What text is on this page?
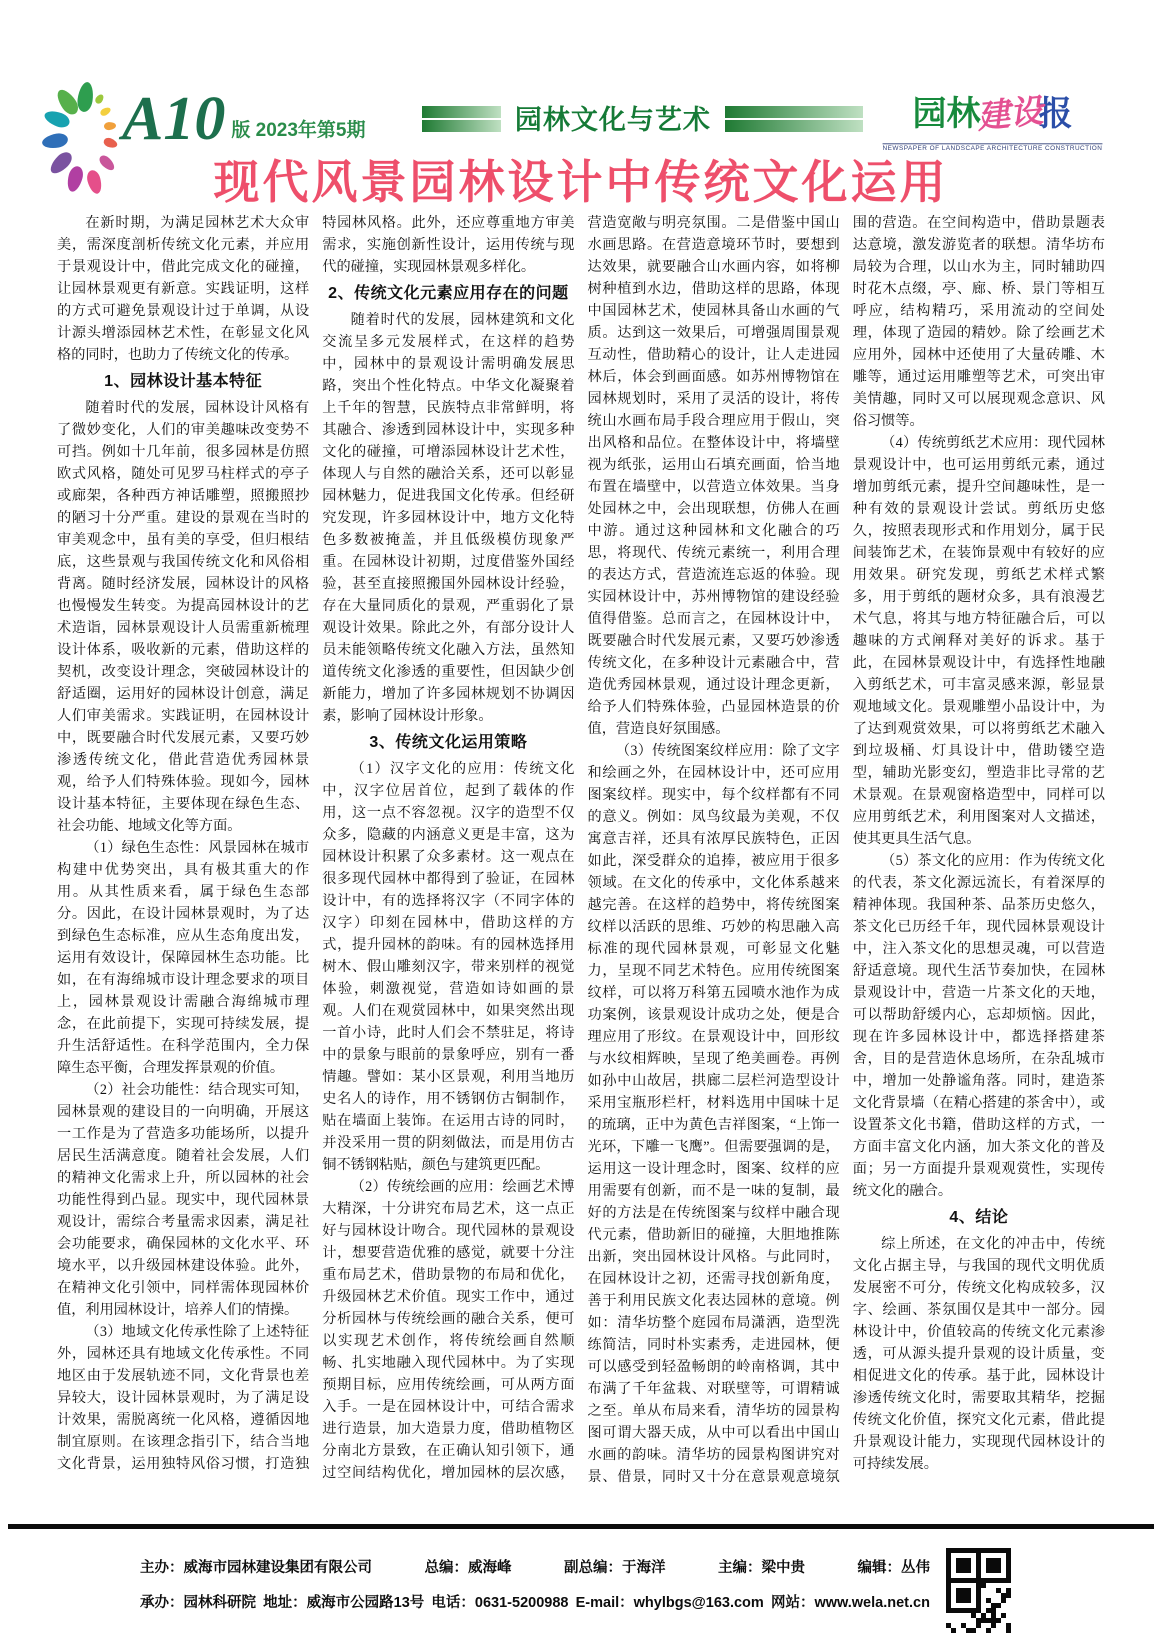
A10 版 2023年第5期	园林文化与艺术	园林建设报
NEWSPAPER OF LANDSCAPE ARCHITECTURE CONSTRUCTION
现代风景园林设计中传统文化运用

在新时期，为满足园林艺术大众审美，需深度剖析传统文化元素，并应用于景观设计中，借此完成文化的碰撞，让园林景观更有新意。实践证明，这样的方式可避免景观设计过于单调，从设计源头增添园林艺术性，在彰显文化风格的同时，也助力了传统文化的传承。

1、园林设计基本特征

随着时代的发展，园林设计风格有了微妙变化，人们的审美趣味改变势不可挡。例如十几年前，很多园林是仿照欧式风格，随处可见罗马柱样式的亭子或廊架，各种西方神话雕塑，照搬照抄的陋习十分严重。建设的景观在当时的审美观念中，虽有美的享受，但归根结底，这些景观与我国传统文化和风俗相背离。随时经济发展，园林设计的风格也慢慢发生转变。为提高园林设计的艺术造诣，园林景观设计人员需重新梳理设计体系，吸收新的元素，借助这样的契机，改变设计理念，突破园林设计的舒适圈，运用好的园林设计创意，满足人们审美需求。实践证明，在园林设计中，既要融合时代发展元素，又要巧妙渗透传统文化，借此营造优秀园林景观，给予人们特殊体验。现如今，园林设计基本特征，主要体现在绿色生态、社会功能、地域文化等方面。

（1）绿色生态性：风景园林在城市构建中优势突出，具有极其重大的作用。从其性质来看，属于绿色生态部分。因此，在设计园林景观时，为了达到绿色生态标准，应从生态角度出发，运用有效设计，保障园林生态功能。比如，在有海绵城市设计理念要求的项目上，园林景观设计需融合海绵城市理念，在此前提下，实现可持续发展，提升生活舒适性。在科学范围内，全力保障生态平衡，合理发挥景观的价值。

（2）社会功能性：结合现实可知，园林景观的建设目的一向明确，开展这一工作是为了营造多功能场所，以提升居民生活满意度。随着社会发展，人们的精神文化需求上升，所以园林的社会功能性得到凸显。现实中，现代园林景观设计，需综合考量需求因素，满足社会功能要求，确保园林的文化水平、环境水平，以升级园林建设体验。此外，在精神文化引领中，同样需体现园林价值，利用园林设计，培养人们的情操。

（3）地域文化传承性除了上述特征外，园林还具有地域文化传承性。不同地区由于发展轨迹不同，文化背景也差异较大，设计园林景观时，为了满足设计效果，需脱离统一化风格，遵循因地制宜原则。在该理念指引下，结合当地文化背景，运用独特风俗习惯，打造独特园林风格。此外，还应尊重地方审美需求，实施创新性设计，运用传统与现代的碰撞，实现园林景观多样化。

2、传统文化元素应用存在的问题

随着时代的发展，园林建筑和文化交流呈多元发展样式，在这样的趋势中，园林中的景观设计需明确发展思路，突出个性化特点。中华文化凝聚着上千年的智慧，民族特点非常鲜明，将其融合、渗透到园林设计中，实现多种文化的碰撞，可增添园林设计艺术性，体现人与自然的融洽关系，还可以彰显园林魅力，促进我国文化传承。但经研究发现，许多园林设计中，地方文化特色多数被掩盖，并且低级模仿现象严重。在园林设计初期，过度借鉴外国经验，甚至直接照搬国外园林设计经验，存在大量同质化的景观，严重弱化了景观设计效果。除此之外，有部分设计人员未能领略传统文化融入方法，虽然知道传统文化渗透的重要性，但因缺少创新能力，增加了许多园林规划不协调因素，影响了园林设计形象。

3、传统文化运用策略

（1）汉字文化的应用：传统文化中，汉字位居首位，起到了载体的作用，这一点不容忽视。汉字的造型不仅众多，隐藏的内涵意义更是丰富，这为园林设计积累了众多素材。这一观点在很多现代园林中都得到了验证，在园林设计中，有的选择将汉字（不同字体的汉字）印刻在园林中，借助这样的方式，提升园林的韵味。有的园林选择用树木、假山雕刻汉字，带来别样的视觉体验，刺激视觉，营造如诗如画的景观。人们在观赏园林中，如果突然出现一首小诗，此时人们会不禁驻足，将诗中的景象与眼前的景象呼应，别有一番情趣。譬如：某小区景观，利用当地历史名人的诗作，用不锈钢仿古铜制作，贴在墙面上装饰。在运用古诗的同时，并没采用一贯的阴刻做法，而是用仿古铜不锈钢粘贴，颜色与建筑更匹配。

（2）传统绘画的应用：绘画艺术博大精深，十分讲究布局艺术，这一点正好与园林设计吻合。现代园林的景观设计，想要营造优雅的感觉，就要十分注重布局艺术，借助景物的布局和优化，升级园林艺术价值。现实工作中，通过分析园林与传统绘画的融合关系，便可以实现艺术创作，将传统绘画自然顺畅、扎实地融入现代园林中。为了实现预期目标，应用传统绘画，可从两方面入手。一是在园林设计中，可结合需求进行造景，加大造景力度，借助植物区分南北方景致，在正确认知引领下，通过空间结构优化，增加园林的层次感，营造宽敞与明亮氛围。二是借鉴中国山水画思路。在营造意境环节时，要想到达效果，就要融合山水画内容，如将柳树种植到水边，借助这样的思路，体现中国园林艺术，使园林具备山水画的气质。达到这一效果后，可增强周围景观互动性，借助精心的设计，让人走进园林后，体会到画面感。如苏州博物馆在园林规划时，采用了灵活的设计，将传统山水画布局手段合理应用于假山，突出风格和品位。在整体设计中，将墙壁视为纸张，运用山石填充画面，恰当地布置在墙壁中，以营造立体效果。当身处园林之中，会出现联想，仿佛人在画中游。通过这种园林和文化融合的巧思，将现代、传统元素统一，利用合理的表达方式，营造流连忘返的体验。现实园林设计中，苏州博物馆的建设经验值得借鉴。总而言之，在园林设计中，既要融合时代发展元素，又要巧妙渗透传统文化，在多种设计元素融合中，营造优秀园林景观，通过设计理念更新，给予人们特殊体验，凸显园林造景的价值，营造良好氛围感。

（3）传统图案纹样应用：除了文字和绘画之外，在园林设计中，还可应用图案纹样。现实中，每个纹样都有不同的意义。例如：凤鸟纹最为美观，不仅寓意吉祥，还具有浓厚民族特色，正因如此，深受群众的追捧，被应用于很多领域。在文化的传承中，文化体系越来越完善。在这样的趋势中，将传统图案纹样以活跃的思维、巧妙的构思融入高标准的现代园林景观，可彰显文化魅力，呈现不同艺术特色。应用传统图案纹样，可以将万科第五园喷水池作为成功案例，该景观设计成功之处，便是合理应用了形纹。在景观设计中，回形纹与水纹相辉映，呈现了绝美画卷。再例如孙中山故居，拱廊二层栏河造型设计采用宝瓶形栏杆，材料选用中国味十足的琉璃，正中为黄色吉祥图案，“上饰一光环，下雕一飞鹰”。但需要强调的是，运用这一设计理念时，图案、纹样的应用需要有创新，而不是一味的复制，最好的方法是在传统图案与纹样中融合现代元素，借助新旧的碰撞，大胆地推陈出新，突出园林设计风格。与此同时，在园林设计之初，还需寻找创新角度，善于利用民族文化表达园林的意境。例如：清华坊整个庭园布局潇洒，造型洗练简洁，同时朴实素秀，走进园林，便可以感受到轻盈畅朗的岭南格调，其中布满了千年盆栽、对联壁等，可谓精诚之至。单从布局来看，清华坊的园景构图可谓大器天成，从中可以看出中国山水画的韵味。清华坊的园景构图讲究对景、借景，同时又十分在意景观意境氛围的营造。在空间构造中，借助景题表达意境，激发游览者的联想。清华坊布局较为合理，以山水为主，同时辅助四时花木点缀，亭、廊、桥、景门等相互呼应，结构精巧，采用流动的空间处理，体现了造园的精妙。除了绘画艺术应用外，园林中还使用了大量砖雕、木雕等，通过运用雕塑等艺术，可突出审美情趣，同时又可以展现观念意识、风俗习惯等。

（4）传统剪纸艺术应用：现代园林景观设计中，也可运用剪纸元素，通过增加剪纸元素，提升空间趣味性，是一种有效的景观设计尝试。剪纸历史悠久，按照表现形式和作用划分，属于民间装饰艺术，在装饰景观中有较好的应用效果。研究发现，剪纸艺术样式繁多，用于剪纸的题材众多，具有浪漫艺术气息，将其与地方特征融合后，可以趣味的方式阐释对美好的诉求。基于此，在园林景观设计中，有选择性地融入剪纸艺术，可丰富灵感来源，彰显景观地域文化。景观雕塑小品设计中，为了达到观赏效果，可以将剪纸艺术融入到垃圾桶、灯具设计中，借助镂空造型，辅助光影变幻，塑造非比寻常的艺术景观。在景观窗格造型中，同样可以应用剪纸艺术，利用图案对人文描述，使其更具生活气息。

（5）茶文化的应用：作为传统文化的代表，茶文化源远流长，有着深厚的精神体现。我国种茶、品茶历史悠久，茶文化已历经千年，现代园林景观设计中，注入茶文化的思想灵魂，可以营造舒适意境。现代生活节奏加快，在园林景观设计中，营造一片茶文化的天地，可以帮助舒缓内心，忘却烦恼。因此，现在许多园林设计中，都选择搭建茶舍，目的是营造休息场所，在杂乱城市中，增加一处静谧角落。同时，建造茶文化背景墙（在精心搭建的茶舍中），或设置茶文化书籍，借助这样的方式，一方面丰富文化内涵，加大茶文化的普及面；另一方面提升景观观赏性，实现传统文化的融合。

4、结论

综上所述，在文化的冲击中，传统文化占据主导，与我国的现代文明优质发展密不可分，传统文化构成较多，汉字、绘画、茶氛围仅是其中一部分。园林设计中，价值较高的传统文化元素渗透，可从源头提升景观的设计质量，变相促进文化的传承。基于此，园林设计渗透传统文化时，需要取其精华，挖掘传统文化价值，探究文化元素，借此提升景观设计能力，实现现代园林设计的可持续发展。

主办：威海市园林建设集团有限公司	总编：威海峰	副总编：于海洋	主编：梁中贵	编辑：丛伟
承办：园林科研院 地址：威海市公园路13号 电话：0631-5200988 E-mail：whylbgs@163.com 网站：www.wela.net.cn
